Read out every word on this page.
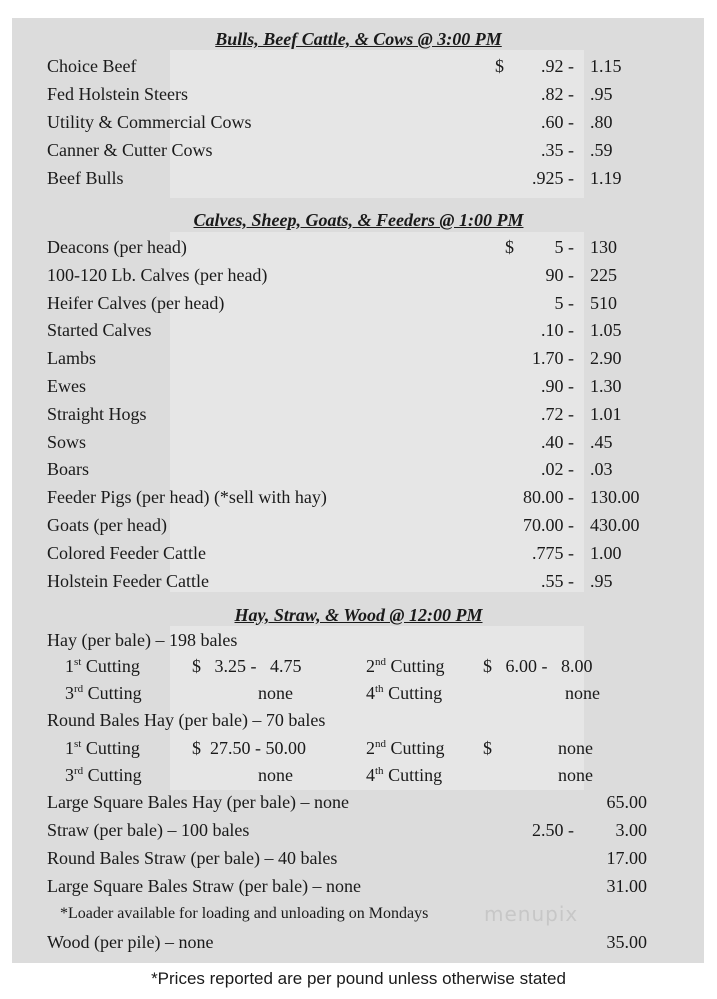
Bulls, Beef Cattle, & Cows @ 3:00 PM
Choice Beef	$ .92 - 1.15
Fed Holstein Steers	.82 - .95
Utility & Commercial Cows	.60 - .80
Canner & Cutter Cows	.35 - .59
Beef Bulls	.925 - 1.19
Calves, Sheep, Goats, & Feeders @ 1:00 PM
Deacons (per head)	$ 5 - 130
100-120 Lb. Calves (per head)	90 - 225
Heifer Calves (per head)	5 - 510
Started Calves	.10 - 1.05
Lambs	1.70 - 2.90
Ewes	.90 - 1.30
Straight Hogs	.72 - 1.01
Sows	.40 - .45
Boars	.02 - .03
Feeder Pigs (per head) (*sell with hay)	80.00 - 130.00
Goats (per head)	70.00 - 430.00
Colored Feeder Cattle	.775 - 1.00
Holstein Feeder Cattle	.55 - .95
Hay, Straw, & Wood @ 12:00 PM
Hay (per bale) – 198 bales
1st Cutting	$   3.25 -   4.75	2nd Cutting $   6.00 -   8.00
3rd Cutting	none	4th Cutting	none
Round Bales Hay (per bale) – 70 bales
1st Cutting	$  27.50 - 50.00	2nd Cutting $	none
3rd Cutting	none	4th Cutting	none
Large Square Bales Hay (per bale) – none	65.00
Straw (per bale) – 100 bales	2.50 - 3.00
Round Bales Straw (per bale) – 40 bales	17.00
Large Square Bales Straw (per bale) – none	31.00
*Loader available for loading and unloading on Mondays	menupix
Wood (per pile) – none	35.00
*Prices reported are per pound unless otherwise stated
